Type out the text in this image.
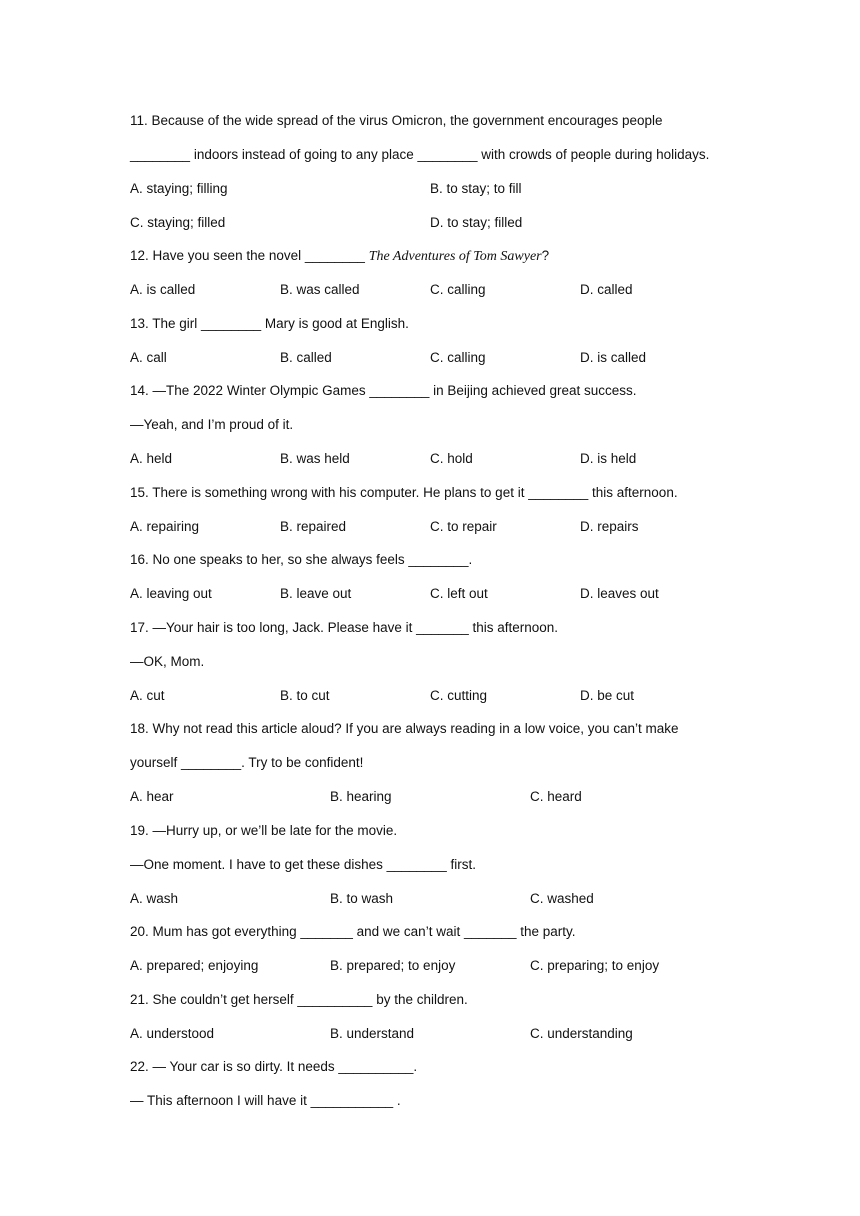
11. Because of the wide spread of the virus Omicron, the government encourages people
________ indoors instead of going to any place ________ with crowds of people during holidays.
A. staying; filling	B. to stay; to fill
C. staying; filled	D. to stay; filled
12. Have you seen the novel ________ The Adventures of Tom Sawyer?
A. is called	B. was called	C. calling	D. called
13. The girl ________ Mary is good at English.
A. call	B. called	C. calling	D. is called
14. —The 2022 Winter Olympic Games ________ in Beijing achieved great success.
—Yeah, and I’m proud of it.
A. held	B. was held	C. hold	D. is held
15. There is something wrong with his computer. He plans to get it ________ this afternoon.
A. repairing	B. repaired	C. to repair	D. repairs
16. No one speaks to her, so she always feels ________.
A. leaving out	B. leave out	C. left out	D. leaves out
17. —Your hair is too long, Jack. Please have it _______ this afternoon.
—OK, Mom.
A. cut	B. to cut	C. cutting	D. be cut
18. Why not read this article aloud? If you are always reading in a low voice, you can’t make
yourself ________. Try to be confident!
A. hear	B. hearing	C. heard
19. —Hurry up, or we’ll be late for the movie.
—One moment. I have to get these dishes ________ first.
A. wash	B. to wash	C. washed
20. Mum has got everything _______ and we can’t wait _______ the party.
A. prepared; enjoying	B. prepared; to enjoy	C. preparing; to enjoy
21. She couldn’t get herself __________ by the children.
A. understood	B. understand	C. understanding
22. — Your car is so dirty. It needs __________.
— This afternoon I will have it ___________ .
